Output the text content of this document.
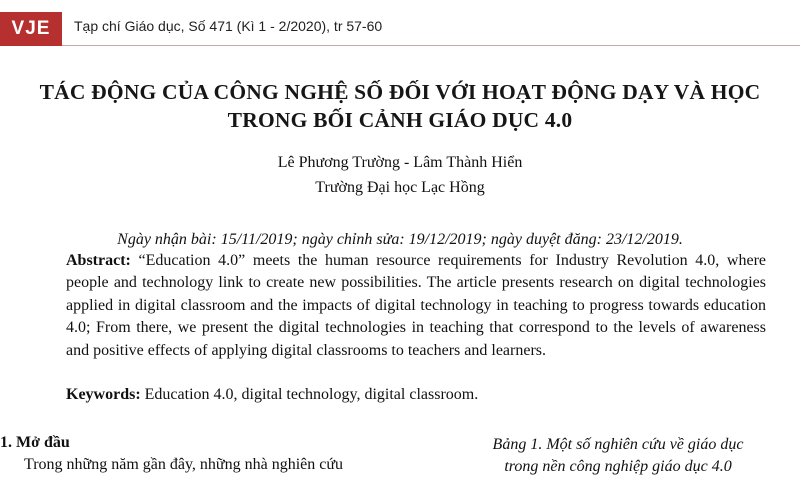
VJE	Tạp chí Giáo dục, Số 471 (Kì 1 - 2/2020), tr 57-60
TÁC ĐỘNG CỦA CÔNG NGHỆ SỐ ĐỐI VỚI HOẠT ĐỘNG DẠY VÀ HỌC
TRONG BỐI CẢNH GIÁO DỤC 4.0
Lê Phương Trường - Lâm Thành Hiển
Trường Đại học Lạc Hồng
Ngày nhận bài: 15/11/2019; ngày chỉnh sửa: 19/12/2019; ngày duyệt đăng: 23/12/2019.
Abstract: “Education 4.0” meets the human resource requirements for Industry Revolution 4.0, where people and technology link to create new possibilities. The article presents research on digital technologies applied in digital classroom and the impacts of digital technology in teaching to progress towards education 4.0; From there, we present the digital technologies in teaching that correspond to the levels of awareness and positive effects of applying digital classrooms to teachers and learners.
Keywords: Education 4.0, digital technology, digital classroom.
1. Mở đầu
Trong những năm gần đây, những nhà nghiên cứu
Bảng 1. Một số nghiên cứu về giáo dục
trong nền công nghiệp giáo dục 4.0
